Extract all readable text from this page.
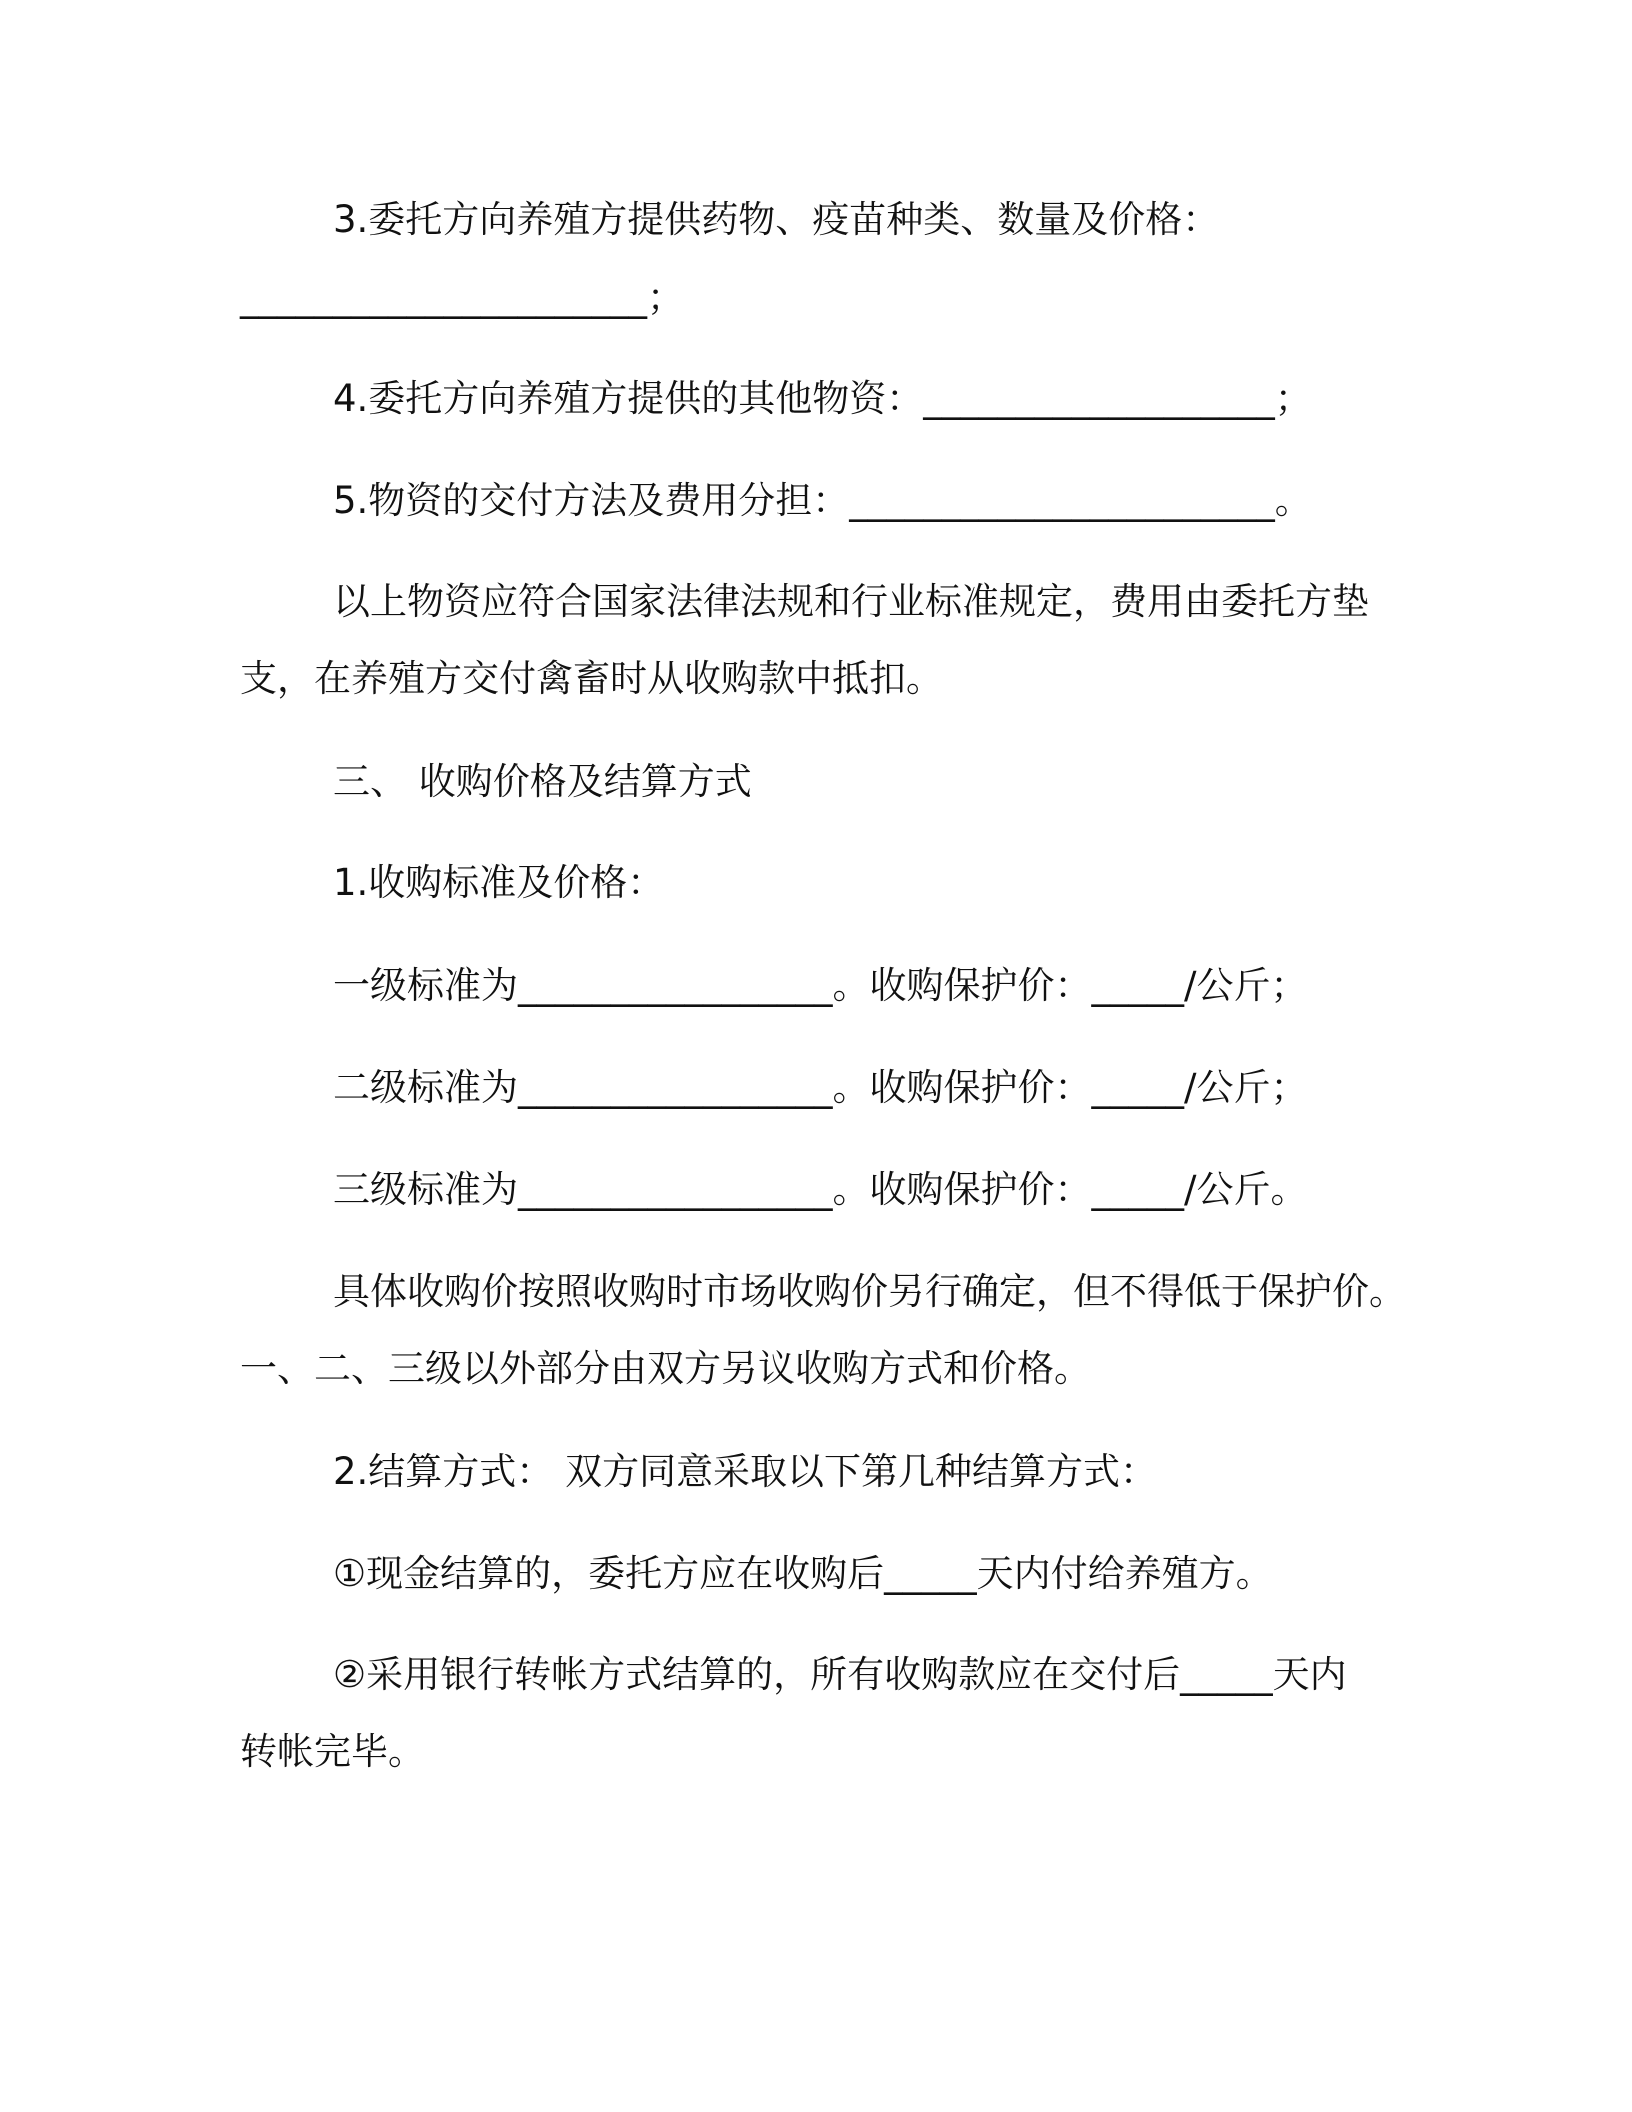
3.委托方向养殖方提供药物、疫苗种类、数量及价格：
______________________；
4.委托方向养殖方提供的其他物资：___________________；
5.物资的交付方法及费用分担：_______________________。
以上物资应符合国家法律法规和行业标准规定，费用由委托方垫
支，在养殖方交付禽畜时从收购款中抵扣。
三、 收购价格及结算方式
1.收购标准及价格：
一级标准为_________________。收购保护价：_____/公斤；
二级标准为_________________。收购保护价：_____/公斤；
三级标准为_________________。收购保护价：_____/公斤。
具体收购价按照收购时市场收购价另行确定，但不得低于保护价。
一、二、三级以外部分由双方另议收购方式和价格。
2.结算方式： 双方同意采取以下第几种结算方式：
①现金结算的，委托方应在收购后_____天内付给养殖方。
②采用银行转帐方式结算的，所有收购款应在交付后_____天内
转帐完毕。
